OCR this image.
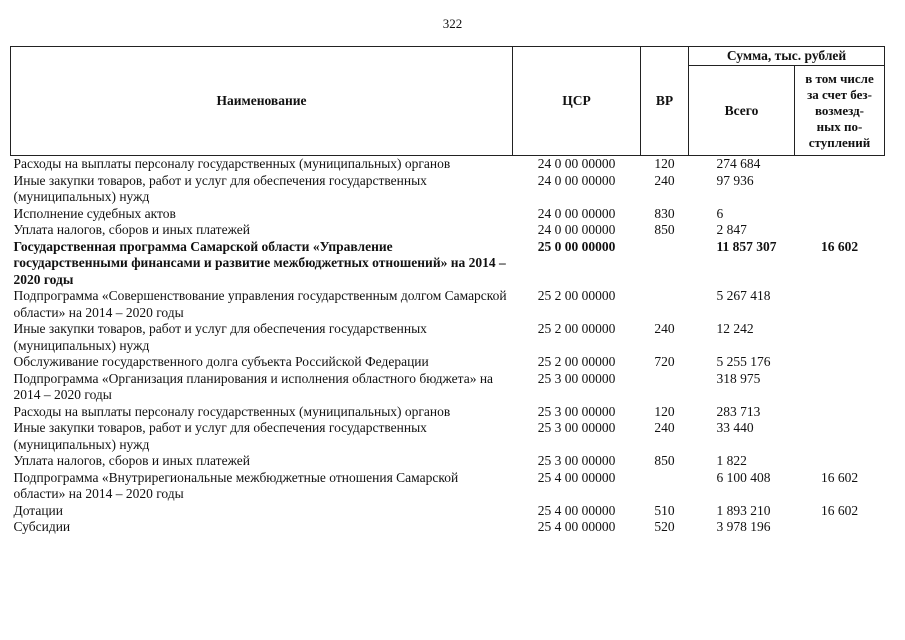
322
Наименование	ЦСР	ВР	Сумма, тыс. рублей	
			Всего	в том числе
за счет без-
возмезд-
ных по-
ступлений
Расходы на выплаты персоналу государственных (муниципальных) органов	24 0 00 00000	120	274 684	
Иные закупки товаров, работ и услуг для обеспечения государственных (муниципальных) нужд	24 0 00 00000	240	97 936	
Исполнение судебных актов	24 0 00 00000	830	6	
Уплата налогов, сборов и иных платежей	24 0 00 00000	850	2 847	
Государственная программа Самарской области «Управление государственными финансами и развитие межбюджетных отношений» на 2014 – 2020 годы	25 0 00 00000		11 857 307	16 602
Подпрограмма «Совершенствование управления государственным долгом Самарской области» на 2014 – 2020 годы	25 2 00 00000		5 267 418	
Иные закупки товаров, работ и услуг для обеспечения государственных (муниципальных) нужд	25 2 00 00000	240	12 242	
Обслуживание государственного долга субъекта Российской Федерации	25 2 00 00000	720	5 255 176	
Подпрограмма «Организация планирования и исполнения областного бюджета» на 2014 – 2020 годы	25 3 00 00000		318 975	
Расходы на выплаты персоналу государственных (муниципальных) органов	25 3 00 00000	120	283 713	
Иные закупки товаров, работ и услуг для обеспечения государственных (муниципальных) нужд	25 3 00 00000	240	33 440	
Уплата налогов, сборов и иных платежей	25 3 00 00000	850	1 822	
Подпрограмма «Внутрирегиональные межбюджетные отношения Самарской области» на 2014 – 2020 годы	25 4 00 00000		6 100 408	16 602
Дотации	25 4 00 00000	510	1 893 210	16 602
Субсидии	25 4 00 00000	520	3 978 196	
